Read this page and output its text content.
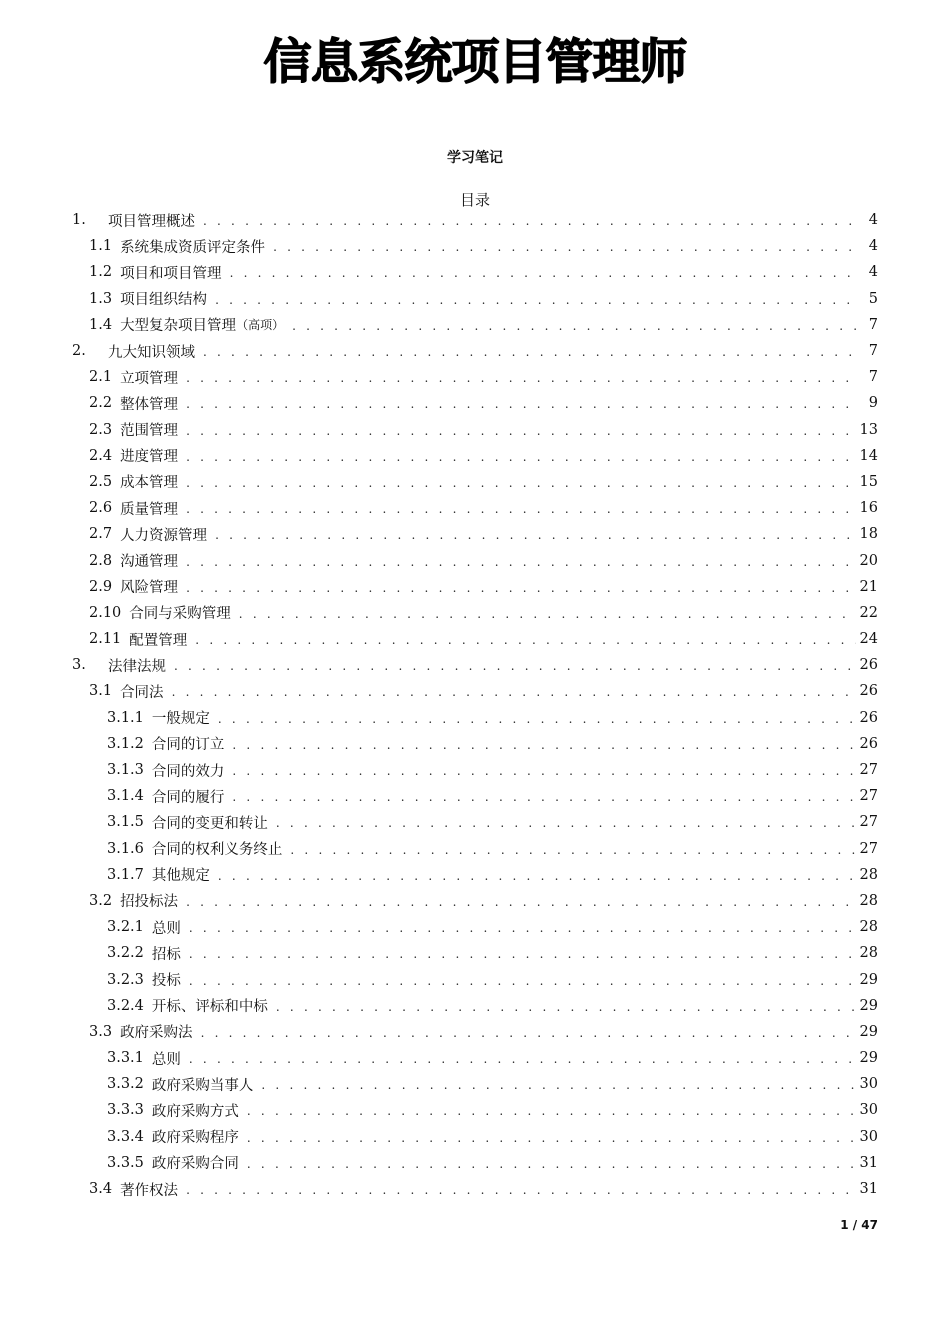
信息系统项目管理师
学习笔记
目录
1.	项目管理概述 . . .	4
1.1 系统集成资质评定条件 . . .	4
1.2 项目和项目管理 . . .	4
1.3 项目组织结构 . . .	5
1.4 大型复杂项目管理 （高项） . . .	7
2.	九大知识领域 . . .	7
2.1 立项管理 . . .	7
2.2 整体管理 . . .	9
2.3 范围管理 . . .	13
2.4 进度管理 . . .	14
2.5 成本管理 . . .	15
2.6 质量管理 . . .	16
2.7 人力资源管理 . . .	18
2.8 沟通管理 . . .	20
2.9 风险管理 . . .	21
2.10 合同与采购管理 . . .	22
2.11 配置管理 . . .	24
3.	法律法规 . . .	26
3.1 合同法 . . .	26
3.1.1 一般规定 . . .	26
3.1.2 合同的订立 . . .	26
3.1.3 合同的效力 . . .	27
3.1.4 合同的履行 . . .	27
3.1.5 合同的变更和转让 . . .	27
3.1.6 合同的权利义务终止 . . .	27
3.1.7 其他规定 . . .	28
3.2 招投标法 . . .	28
3.2.1 总则 . . .	28
3.2.2 招标 . . .	28
3.2.3 投标 . . .	29
3.2.4 开标、评标和中标 . . .	29
3.3 政府采购法 . . .	29
3.3.1 总则 . . .	29
3.3.2 政府采购当事人 . . .	30
3.3.3 政府采购方式 . . .	30
3.3.4 政府采购程序 . . .	30
3.3.5 政府采购合同 . . .	31
3.4 著作权法 . . .	31
1 / 47
